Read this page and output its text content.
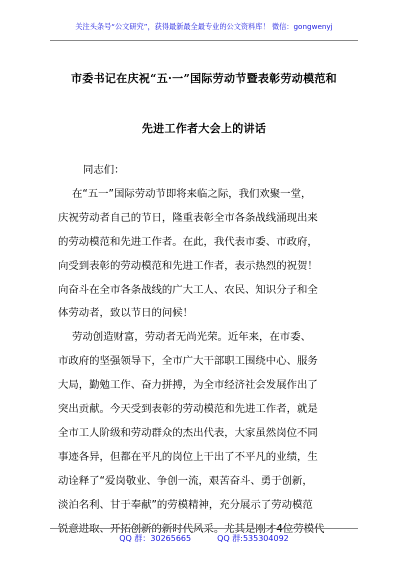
关注头条号“公文研究”，获得最新最全最专业的公文资料库！ 微信：gongwenyj
市委书记在庆祝“五·一”国际劳动节暨表彰劳动模范和
先进工作者大会上的讲话
同志们：
在“五一”国际劳动节即将来临之际，我们欢聚一堂，
庆祝劳动者自己的节日，隆重表彰全市各条战线涌现出来
的劳动模范和先进工作者。在此，我代表市委、市政府，
向受到表彰的劳动模范和先进工作者，表示热烈的祝贺！
向奋斗在全市各条战线的广大工人、农民、知识分子和全
体劳动者，致以节日的问候！
劳动创造财富，劳动者无尚光荣。近年来，在市委、
市政府的坚强领导下，全市广大干部职工围绕中心、服务
大局，勤勉工作、奋力拼搏，为全市经济社会发展作出了
突出贡献。今天受到表彰的劳动模范和先进工作者，就是
全市工人阶级和劳动群众的杰出代表，大家虽然岗位不同
事迹各异，但都在平凡的岗位上干出了不平凡的业绩，生
动诠释了“爱岗敬业、争创一流，艰苦奋斗、勇于创新，
淡泊名利、甘于奉献”的劳模精神，充分展示了劳动模范
锐意进取、开拓创新的新时代风采。尤其是刚才4位劳模代
QQ 群：30265665	QQ 群:535304092
